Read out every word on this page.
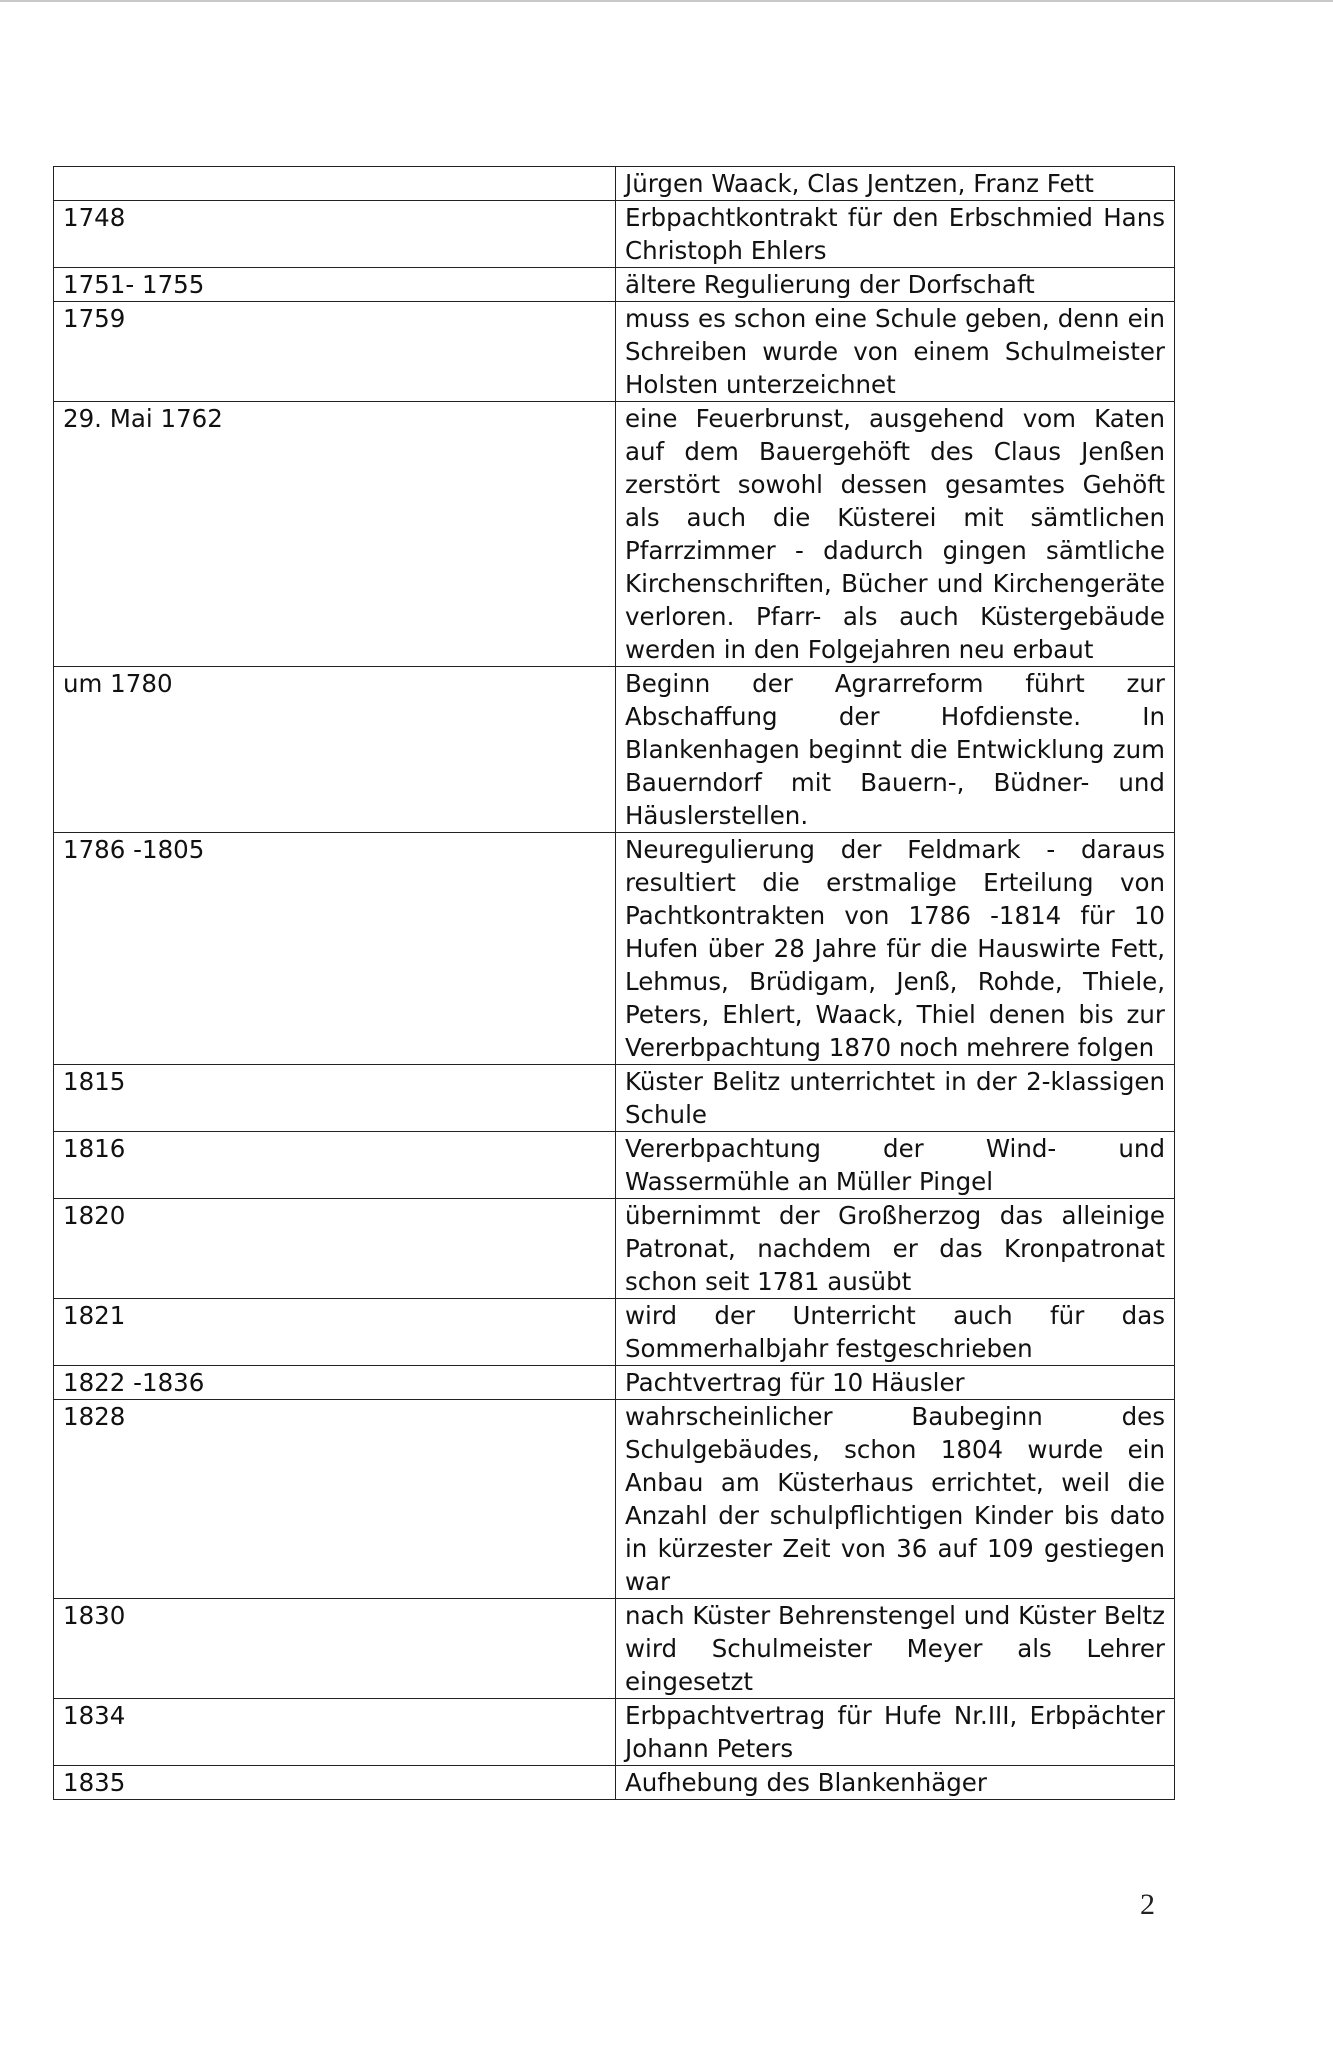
	Jürgen Waack, Clas Jentzen, Franz Fett
1748	Erbpachtkontrakt für den Erbschmied Hans Christoph Ehlers
1751- 1755	ältere Regulierung der Dorfschaft
1759	muss es schon eine Schule geben, denn ein Schreiben wurde von einem Schulmeister Holsten unterzeichnet
29. Mai 1762	eine Feuerbrunst, ausgehend vom Katen auf dem Bauergehöft des Claus Jenßen zerstört sowohl dessen gesamtes Gehöft als auch die Küsterei mit sämtlichen Pfarrzimmer - dadurch gingen sämtliche Kirchenschriften, Bücher und Kirchengeräte verloren. Pfarr- als auch Küstergebäude werden in den Folgejahren neu erbaut
um 1780	Beginn der Agrarreform führt zur Abschaffung der Hofdienste. In Blankenhagen beginnt die Entwicklung zum Bauerndorf mit Bauern-, Büdner- und Häuslerstellen.
1786 -1805	Neuregulierung der Feldmark - daraus resultiert die erstmalige Erteilung von Pachtkontrakten von 1786 -1814 für 10 Hufen über 28 Jahre für die Hauswirte Fett, Lehmus, Brüdigam, Jenß, Rohde, Thiele, Peters, Ehlert, Waack, Thiel denen bis zur Vererbpachtung 1870 noch mehrere folgen
1815	Küster Belitz unterrichtet in der 2-klassigen Schule
1816	Vererbpachtung der Wind- und Wassermühle an Müller Pingel
1820	übernimmt der Großherzog das alleinige Patronat, nachdem er das Kronpatronat schon seit 1781 ausübt
1821	wird der Unterricht auch für das Sommerhalbjahr festgeschrieben
1822 -1836	Pachtvertrag für 10 Häusler
1828	wahrscheinlicher Baubeginn des Schulgebäudes, schon 1804 wurde ein Anbau am Küsterhaus errichtet, weil die Anzahl der schulpflichtigen Kinder bis dato in kürzester Zeit von 36 auf 109 gestiegen war
1830	nach Küster Behrenstengel und Küster Beltz wird Schulmeister Meyer als Lehrer eingesetzt
1834	Erbpachtvertrag für Hufe Nr.III, Erbpächter Johann Peters
1835	Aufhebung des Blankenhäger
2
